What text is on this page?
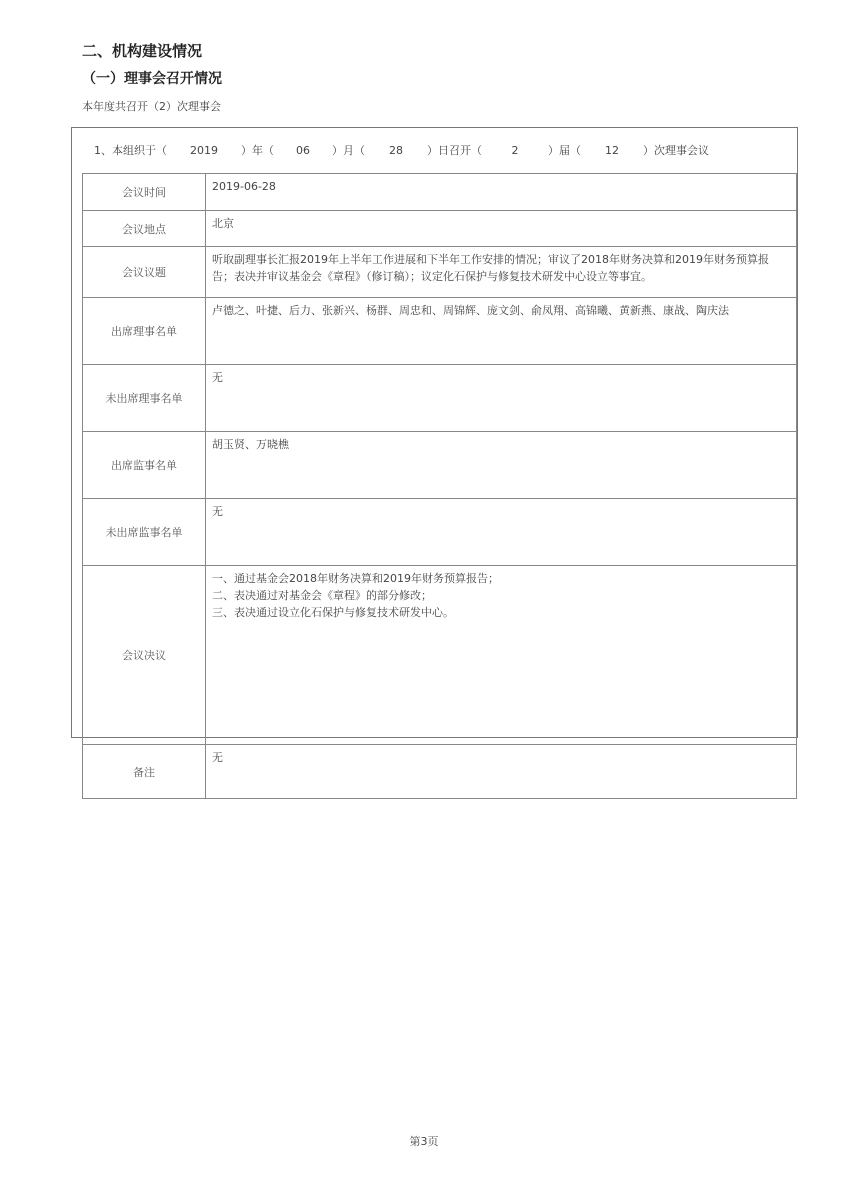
二、机构建设情况
（一）理事会召开情况
本年度共召开（2）次理事会
1、本组织于（	2019	）年（	06	）月（	28	）日召开（	2	）届（	12	）次理事会议
会议时间	2019-06-28
会议地点	北京
会议议题	听取副理事长汇报2019年上半年工作进展和下半年工作安排的情况；审议了2018年财务决算和2019年财务预算报告；表决并审议基金会《章程》（修订稿）；议定化石保护与修复技术研发中心设立等事宜。
出席理事名单	卢德之、叶捷、后力、张新兴、杨群、周忠和、周锦辉、庞文剑、俞凤翔、高锦曦、黄新燕、康战、陶庆法
未出席理事名单	无
出席监事名单	胡玉贤、万晓樵
未出席监事名单	无
会议决议	一、通过基金会2018年财务决算和2019年财务预算报告；
二、表决通过对基金会《章程》的部分修改；
三、表决通过设立化石保护与修复技术研发中心。

备注	无
第3页
